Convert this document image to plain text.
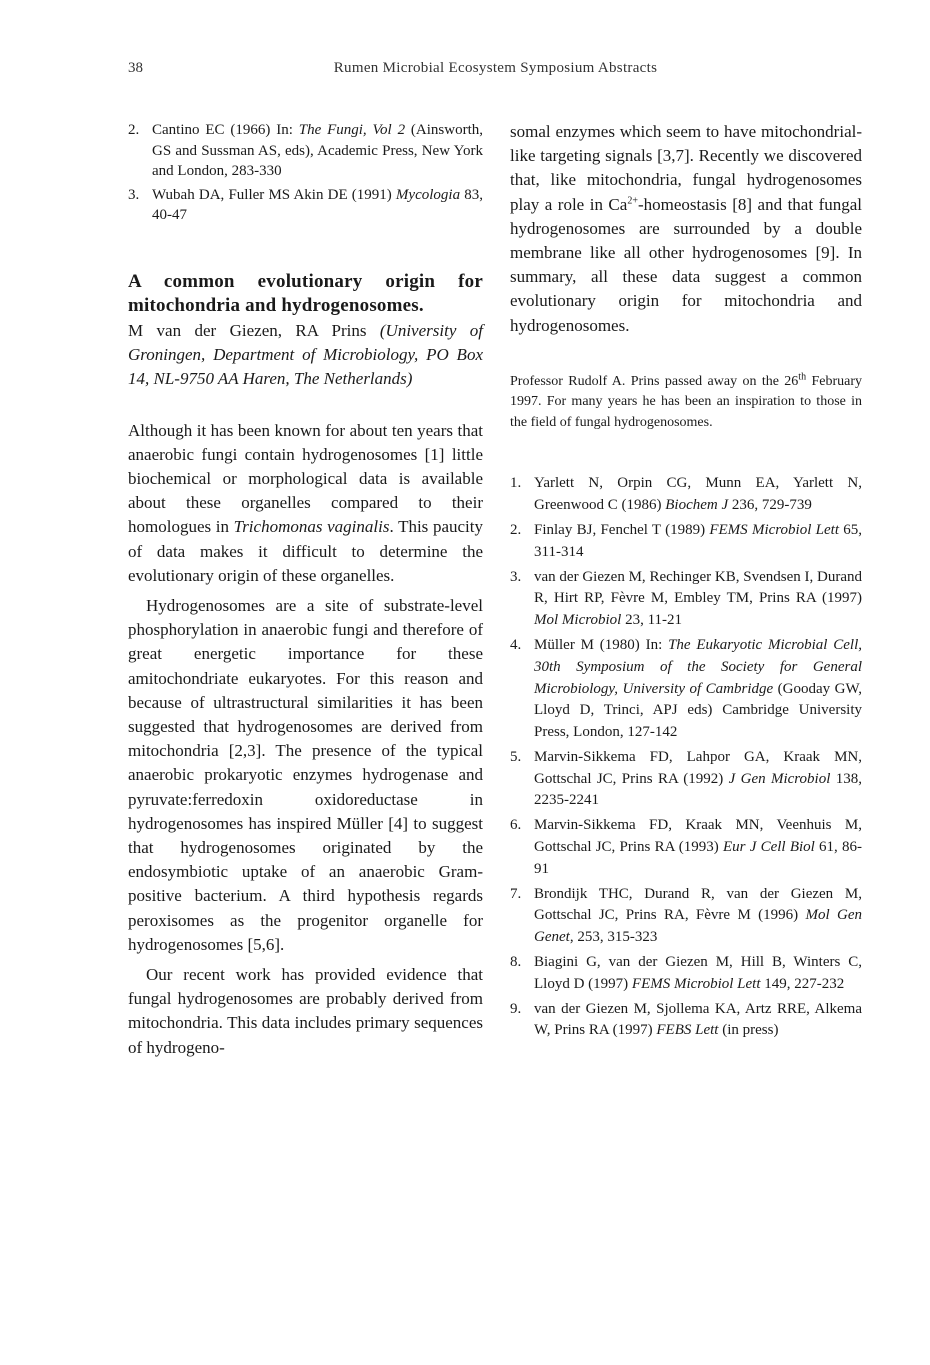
38	Rumen Microbial Ecosystem Symposium Abstracts

2. Cantino EC (1966) In: The Fungi, Vol 2 (Ainsworth, GS and Sussman AS, eds), Academic Press, New York and London, 283-330

3. Wubah DA, Fuller MS Akin DE (1991) Mycologia 83, 40-47

A common evolutionary origin for mitochondria and hydrogenosomes.

M van der Giezen, RA Prins (University of Groningen, Department of Microbiology, PO Box 14, NL-9750 AA Haren, The Netherlands)

Although it has been known for about ten years that anaerobic fungi contain hydrogenosomes [1] little biochemical or morphological data is available about these organelles compared to their homologues in Trichomonas vaginalis. This paucity of data makes it difficult to determine the evolutionary origin of these organelles.

Hydrogenosomes are a site of substrate-level phosphorylation in anaerobic fungi and therefore of great energetic importance for these amitochondriate eukaryotes. For this reason and because of ultrastructural similarities it has been suggested that hydrogenosomes are derived from mitochondria [2,3]. The presence of the typical anaerobic prokaryotic enzymes hydrogenase and pyruvate:ferredoxin oxidoreductase in hydrogenosomes has inspired Müller [4] to suggest that hydrogenosomes originated by the endosymbiotic uptake of an anaerobic Gram-positive bacterium. A third hypothesis regards peroxisomes as the progenitor organelle for hydrogenosomes [5,6].

Our recent work has provided evidence that fungal hydrogenosomes are probably derived from mitochondria. This data includes primary sequences of hydrogeno-

somal enzymes which seem to have mitochondrial-like targeting signals [3,7]. Recently we discovered that, like mitochondria, fungal hydrogenosomes play a role in $Ca^{2+}$-homeostasis [8] and that fungal hydrogenosomes are surrounded by a double membrane like all other hydrogenosomes [9]. In summary, all these data suggest a common evolutionary origin for mitochondria and hydrogenosomes.

Professor Rudolf A. Prins passed away on the 26th February 1997. For many years he has been an inspiration to those in the field of fungal hydrogenosomes.

1. Yarlett N, Orpin CG, Munn EA, Yarlett N, Greenwood C (1986) Biochem J 236, 729-739

2. Finlay BJ, Fenchel T (1989) FEMS Microbiol Lett 65, 311-314

3. van der Giezen M, Rechinger KB, Svendsen I, Durand R, Hirt RP, Fèvre M, Embley TM, Prins RA (1997) Mol Microbiol 23, 11-21

4. Müller M (1980) In: The Eukaryotic Microbial Cell, 30th Symposium of the Society for General Microbiology, University of Cambridge (Gooday GW, Lloyd D, Trinci, APJ eds) Cambridge University Press, London, 127-142

5. Marvin-Sikkema FD, Lahpor GA, Kraak MN, Gottschal JC, Prins RA (1992) J Gen Microbiol 138, 2235-2241

6. Marvin-Sikkema FD, Kraak MN, Veenhuis M, Gottschal JC, Prins RA (1993) Eur J Cell Biol 61, 86-91

7. Brondijk THC, Durand R, van der Giezen M, Gottschal JC, Prins RA, Fèvre M (1996) Mol Gen Genet, 253, 315-323

8. Biagini G, van der Giezen M, Hill B, Winters C, Lloyd D (1997) FEMS Microbiol Lett 149, 227-232

9. van der Giezen M, Sjollema KA, Artz RRE, Alkema W, Prins RA (1997) FEBS Lett (in press)
